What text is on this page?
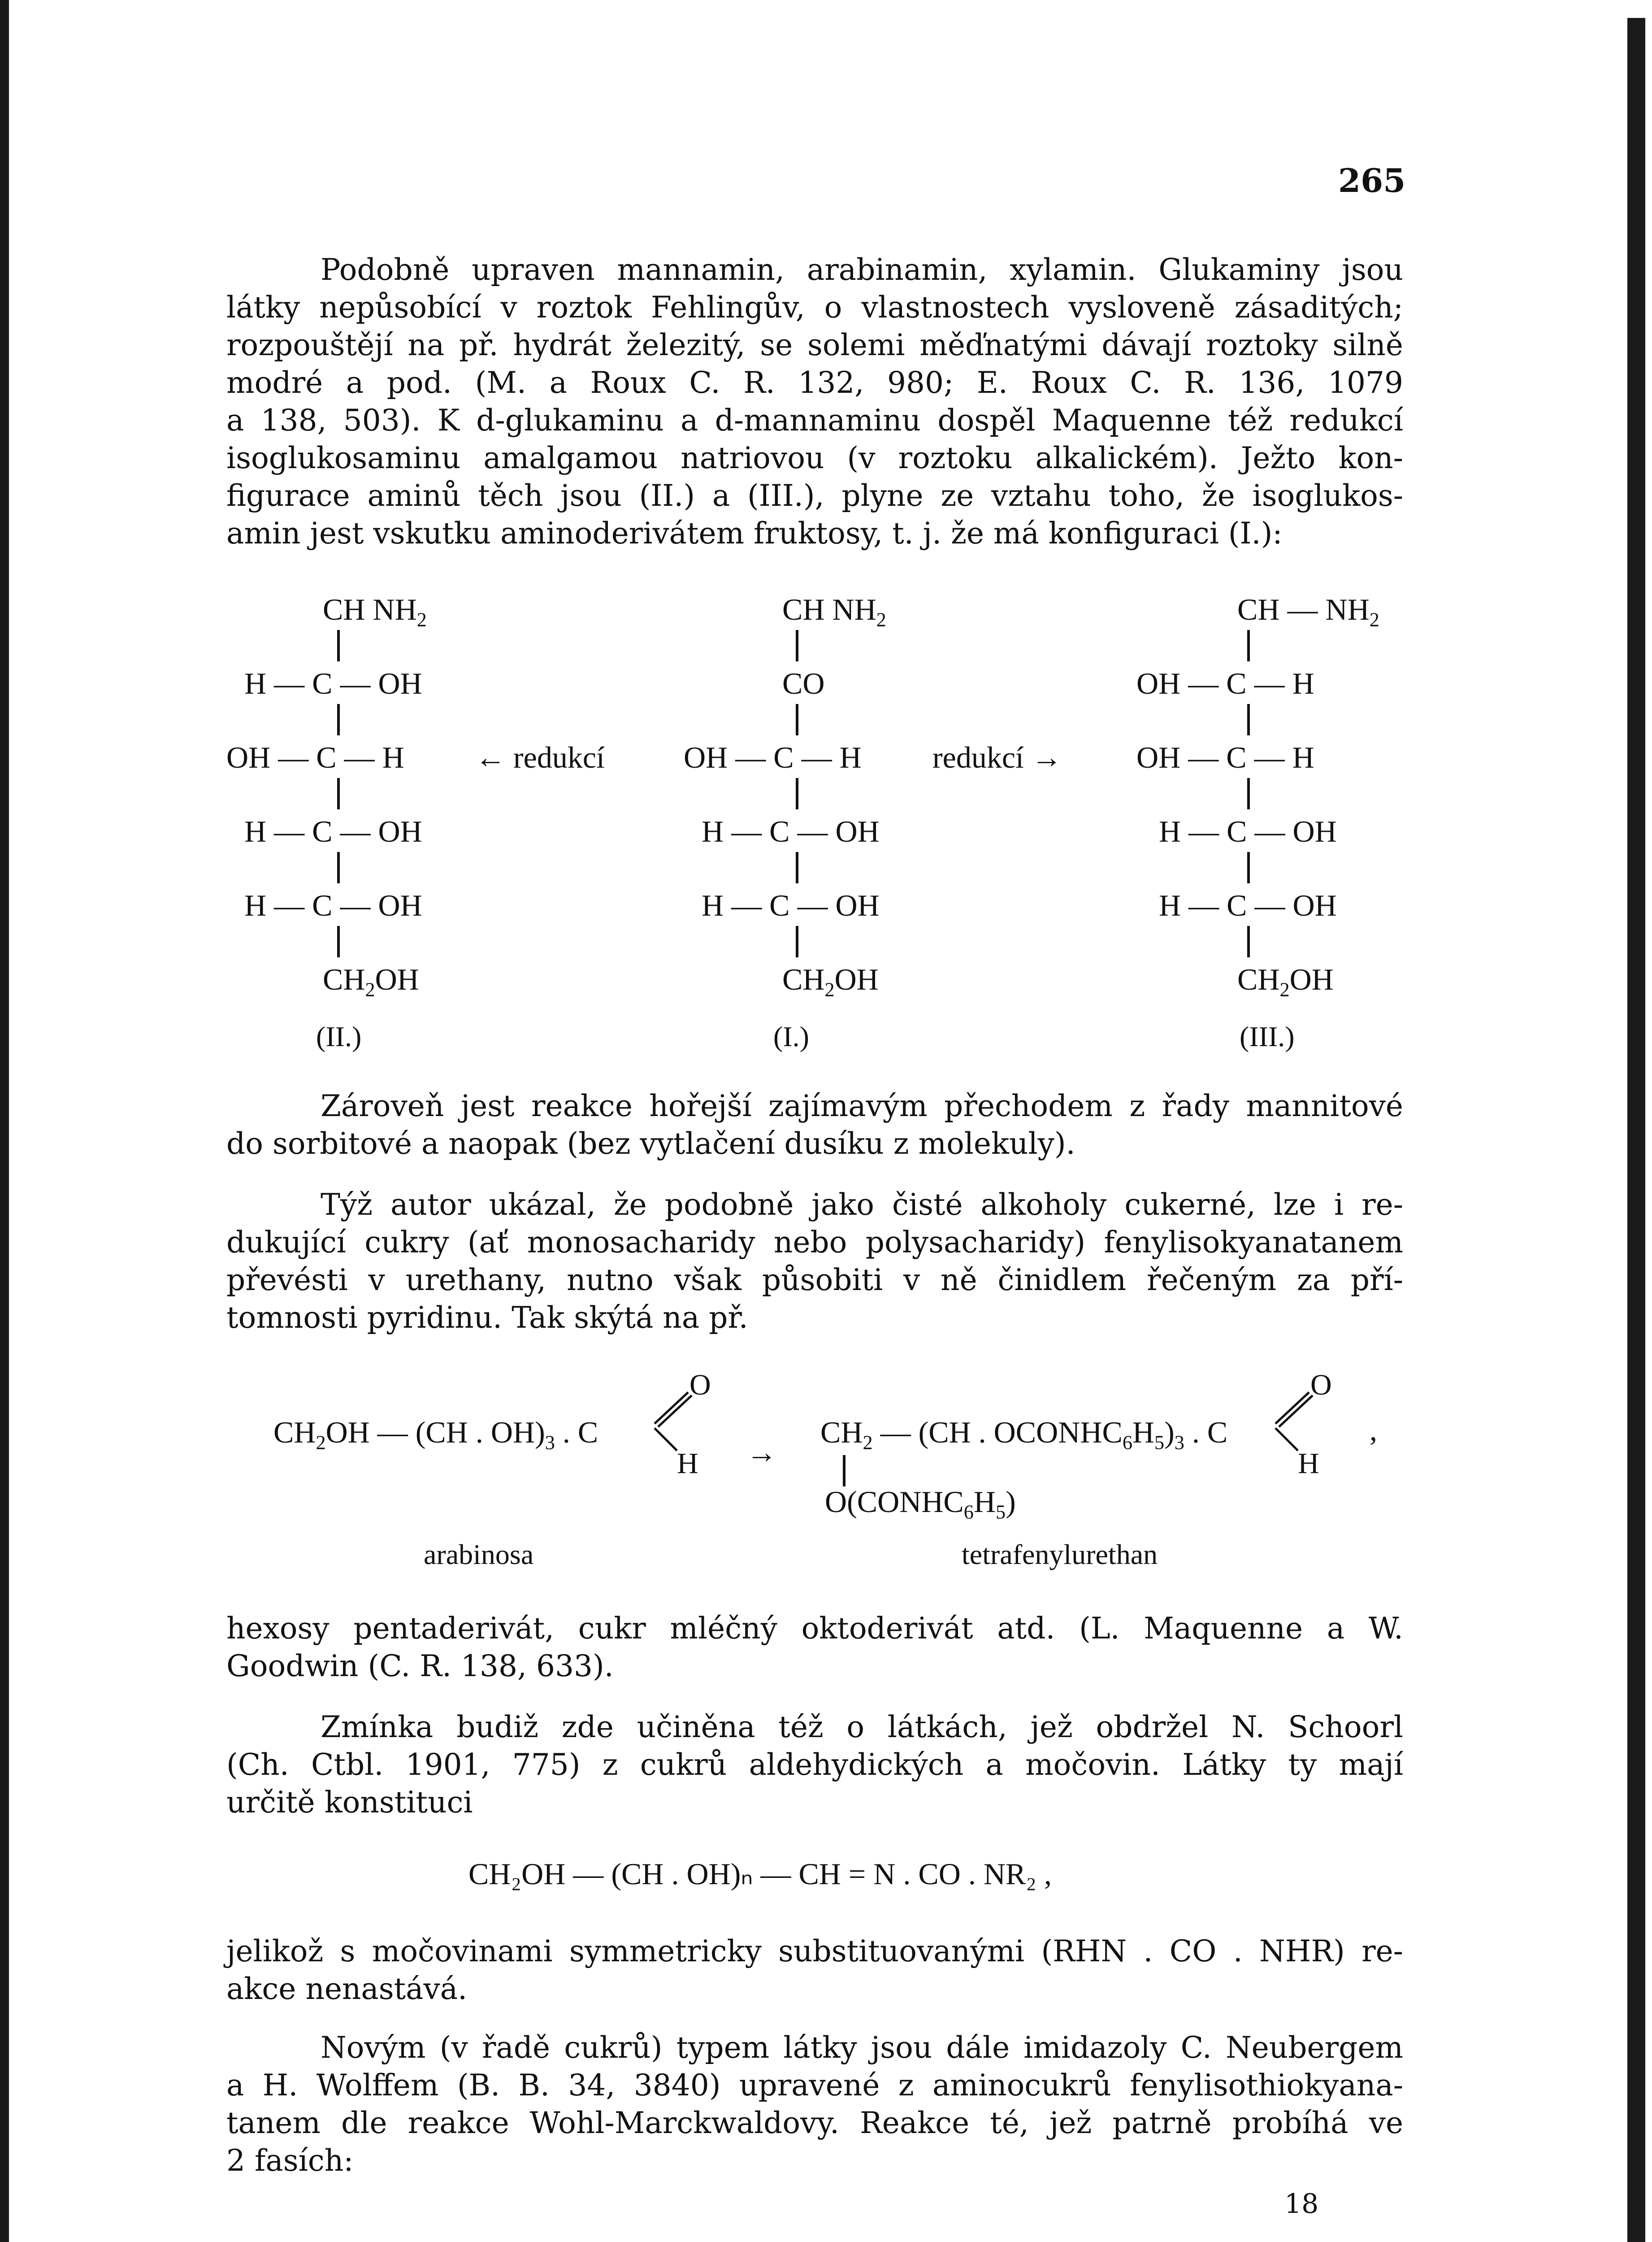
265
Podobně upraven mannamin, arabinamin, xylamin. Glukaminy jsou
látky nepůsobící v roztok Fehlingův, o vlastnostech vysloveně zásaditých;
rozpouštějí na př. hydrát železitý, se solemi měďnatými dávají roztoky silně
modré a pod. (M. a Roux C. R. 132, 980; E. Roux C. R. 136, 1079
a 138, 503). K d-glukaminu a d-mannaminu dospěl Maquenne též redukcí
isoglukosaminu amalgamou natriovou (v roztoku alkalickém). Ježto kon-
figurace aminů těch jsou (II.) a (III.), plyne ze vztahu toho, že isoglukos-
amin jest vskutku aminoderivátem fruktosy, t. j. že má konfiguraci (I.):
CH $NH_2$
H — C — OH
OH — C — H
H — C — OH
H — C — OH
$CH_2OH$
(II.)
← redukcí
CH $NH_2$
CO
OH — C — H
H — C — OH
H — C — OH
$CH_2OH$
(I.)
redukcí →
CH — $NH_2$
OH — C — H
OH — C — H
H — C — OH
H — C — OH
$CH_2OH$
(III.)
Zároveň jest reakce hořejší zajímavým přechodem z řady mannitové
do sorbitové a naopak (bez vytlačení dusíku z molekuly).
Týž autor ukázal, že podobně jako čisté alkoholy cukerné, lze i re-
dukující cukry (ať monosacharidy nebo polysacharidy) fenylisokyanatanem
převésti v urethany, nutno však působiti v ně činidlem řečeným za pří-
tomnosti pyridinu. Tak skýtá na př.
$CH_2OH$ — (CH . $OH)_3$ . C
O
H →
$CH_2$ — (CH . $OCONHC_6H_5)_3$ . C
O
H
,
$O(CONHC_6H_5)$
arabinosa	tetrafenylurethan
hexosy pentaderivát, cukr mléčný oktoderivát atd. (L. Maquenne a W.
Goodwin (C. R. 138, 633).
Zmínka budiž zde učiněna též o látkách, jež obdržel N. Schoorl
(Ch. Ctbl. 1901, 775) z cukrů aldehydických a močovin. Látky ty mají
určitě konstituci
CH₂OH — (CH . OH)ₙ — CH = N . CO . NR₂ ,
jelikož s močovinami symmetricky substituovanými (RHN . CO . NHR) re-
akce nenastává.
Novým (v řadě cukrů) typem látky jsou dále imidazoly C. Neubergem
a H. Wolffem (B. B. 34, 3840) upravené z aminocukrů fenylisothiokyana-
tanem dle reakce Wohl-Marckwaldovy. Reakce té, jež patrně probíhá ve
2 fasích:
18
